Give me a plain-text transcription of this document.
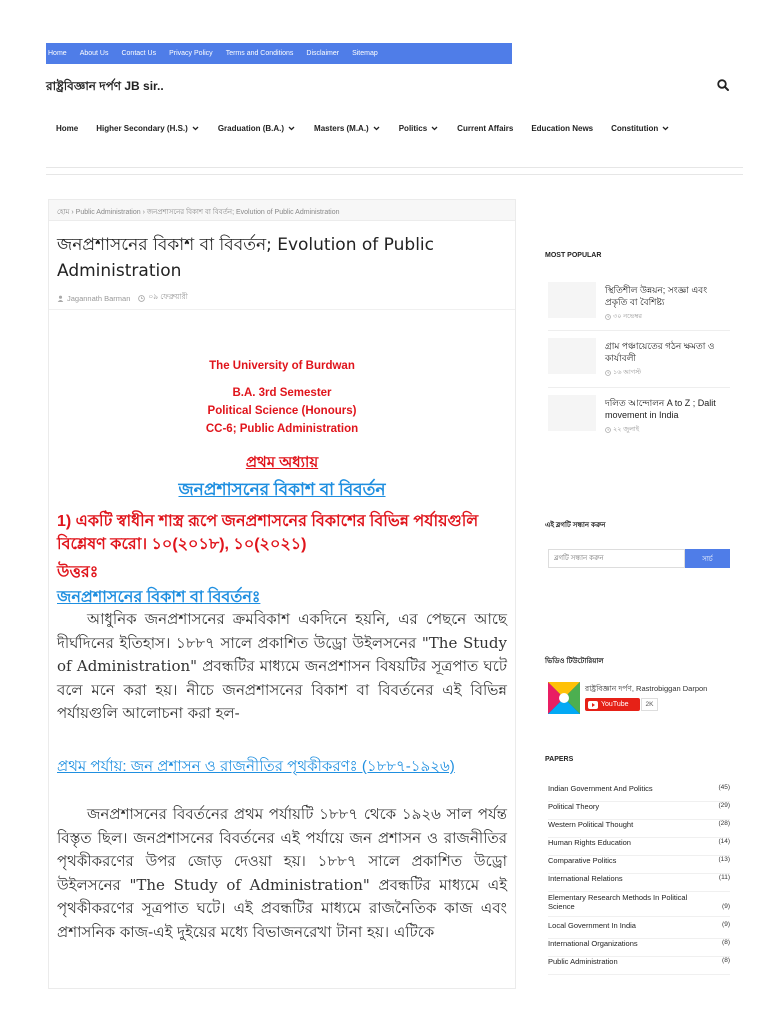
Home About Us Contact Us Privacy Policy Terms and Conditions Disclaimer Sitemap
রাষ্ট্রবিজ্ঞান দর্পণ JB sir..
Home Higher Secondary (H.S.)	Graduation (B.A.)	Masters (M.A.)	Politics	Current Affairs Education News Constitution
হোম › Public Administration › জনপ্রশাসনের বিকাশ বা বিবর্তন; Evolution of Public Administration
জনপ্রশাসনের বিকাশ বা বিবর্তন; Evolution of Public Administration
Jagannath Barman ০৯ ফেব্রুয়ারী
The University of Burdwan
B.A. 3rd Semester
Political Science (Honours)
CC-6; Public Administration
প্রথম অধ্যায়
জনপ্রশাসনের বিকাশ বা বিবর্তন
1) একটি স্বাধীন শাস্ত্র রূপে জনপ্রশাসনের বিকাশের বিভিন্ন পর্যায়গুলি বিশ্লেষণ করো। ১০(২০১৮), ১০(২০২১)
উত্তরঃ
জনপ্রশাসনের বিকাশ বা বিবর্তনঃ
আধুনিক জনপ্রশাসনের ক্রমবিকাশ একদিনে হয়নি, এর পেছনে আছে দীর্ঘদিনের ইতিহাস। ১৮৮৭ সালে প্রকাশিত উড্রো উইলসনের "The Study of Administration" প্রবন্ধটির মাধ্যমে জনপ্রশাসন বিষয়টির সূত্রপাত ঘটে বলে মনে করা হয়। নীচে জনপ্রশাসনের বিকাশ বা বিবর্তনের এই বিভিন্ন পর্যায়গুলি আলোচনা করা হল-
প্রথম পর্যায়: জন প্রশাসন ও রাজনীতির পৃথকীকরণঃ (১৮৮৭-১৯২৬)
জনপ্রশাসনের বিবর্তনের প্রথম পর্যায়টি ১৮৮৭ থেকে ১৯২৬ সাল পর্যন্ত বিস্তৃত ছিল। জনপ্রশাসনের বিবর্তনের এই পর্যায়ে জন প্রশাসন ও রাজনীতির পৃথকীকরণের উপর জোড় দেওয়া হয়। ১৮৮৭ সালে প্রকাশিত উড্রো উইলসনের "The Study of Administration" প্রবন্ধটির মাধ্যমে এই পৃথকীকরণের সূত্রপাত ঘটে। এই প্রবন্ধটির মাধ্যমে রাজনৈতিক কাজ এবং প্রশাসনিক কাজ-এই দুইয়ের মধ্যে বিভাজনরেখা টানা হয়। এটিকে
MOST POPULAR
স্থিতিশীল উন্নয়ন; সংজ্ঞা এবং প্রকৃতি বা বৈশিষ্ট্য
৩০ নভেম্বর
গ্রাম পঞ্চায়েতের গঠন ক্ষমতা ও কার্যাবলী
১৬ আগস্ট
দলিত আন্দোলন A to Z ; Dalit movement in India
২২ জুলাই
এই ব্লগটি সন্ধান করুন
ব্লগটি সন্ধান করুন
সার্চ
ভিডিও টিউটোরিয়াল
রাষ্ট্রবিজ্ঞান দর্পণ, Rastrobiggan Darpon
YouTube	2K
PAPERS
Indian Government And Politics	(45)
Political Theory	(29)
Western Political Thought	(28)
Human Rights Education	(14)
Comparative Politics	(13)
International Relations	(11)
Elementary Research Methods In Political Science	(9)
Local Government In India	(9)
International Organizations	(8)
Public Administration	(8)
